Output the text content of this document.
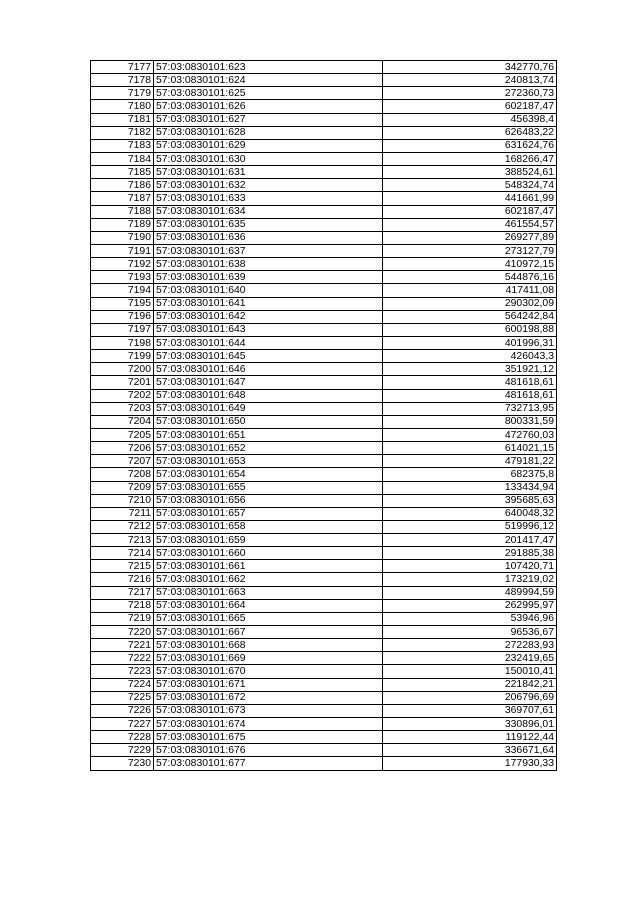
7177	57:03:0830101:623	342770,76
7178	57:03:0830101:624	240813,74
7179	57:03:0830101:625	272360,73
7180	57:03:0830101:626	602187,47
7181	57:03:0830101:627	456398,4
7182	57:03:0830101:628	626483,22
7183	57:03:0830101:629	631624,76
7184	57:03:0830101:630	168266,47
7185	57:03:0830101:631	388524,61
7186	57:03:0830101:632	548324,74
7187	57:03:0830101:633	441661,99
7188	57:03:0830101:634	602187,47
7189	57:03:0830101:635	461554,57
7190	57:03:0830101:636	269277,89
7191	57:03:0830101:637	273127,79
7192	57:03:0830101:638	410972,15
7193	57:03:0830101:639	544876,16
7194	57:03:0830101:640	417411,08
7195	57:03:0830101:641	290302,09
7196	57:03:0830101:642	564242,84
7197	57:03:0830101:643	600198,88
7198	57:03:0830101:644	401996,31
7199	57:03:0830101:645	426043,3
7200	57:03:0830101:646	351921,12
7201	57:03:0830101:647	481618,61
7202	57:03:0830101:648	481618,61
7203	57:03:0830101:649	732713,95
7204	57:03:0830101:650	800331,59
7205	57:03:0830101:651	472760,03
7206	57:03:0830101:652	614021,15
7207	57:03:0830101:653	479181,22
7208	57:03:0830101:654	682375,8
7209	57:03:0830101:655	133434,94
7210	57:03:0830101:656	395685,63
7211	57:03:0830101:657	640048,32
7212	57:03:0830101:658	519996,12
7213	57:03:0830101:659	201417,47
7214	57:03:0830101:660	291885,38
7215	57:03:0830101:661	107420,71
7216	57:03:0830101:662	173219,02
7217	57:03:0830101:663	489994,59
7218	57:03:0830101:664	262995,97
7219	57:03:0830101:665	53946,96
7220	57:03:0830101:667	96536,67
7221	57:03:0830101:668	272283,93
7222	57:03:0830101:669	232419,65
7223	57:03:0830101:670	150010,41
7224	57:03:0830101:671	221842,21
7225	57:03:0830101:672	206796,69
7226	57:03:0830101:673	369707,61
7227	57:03:0830101:674	330896,01
7228	57:03:0830101:675	119122,44
7229	57:03:0830101:676	336671,64
7230	57:03:0830101:677	177930,33
